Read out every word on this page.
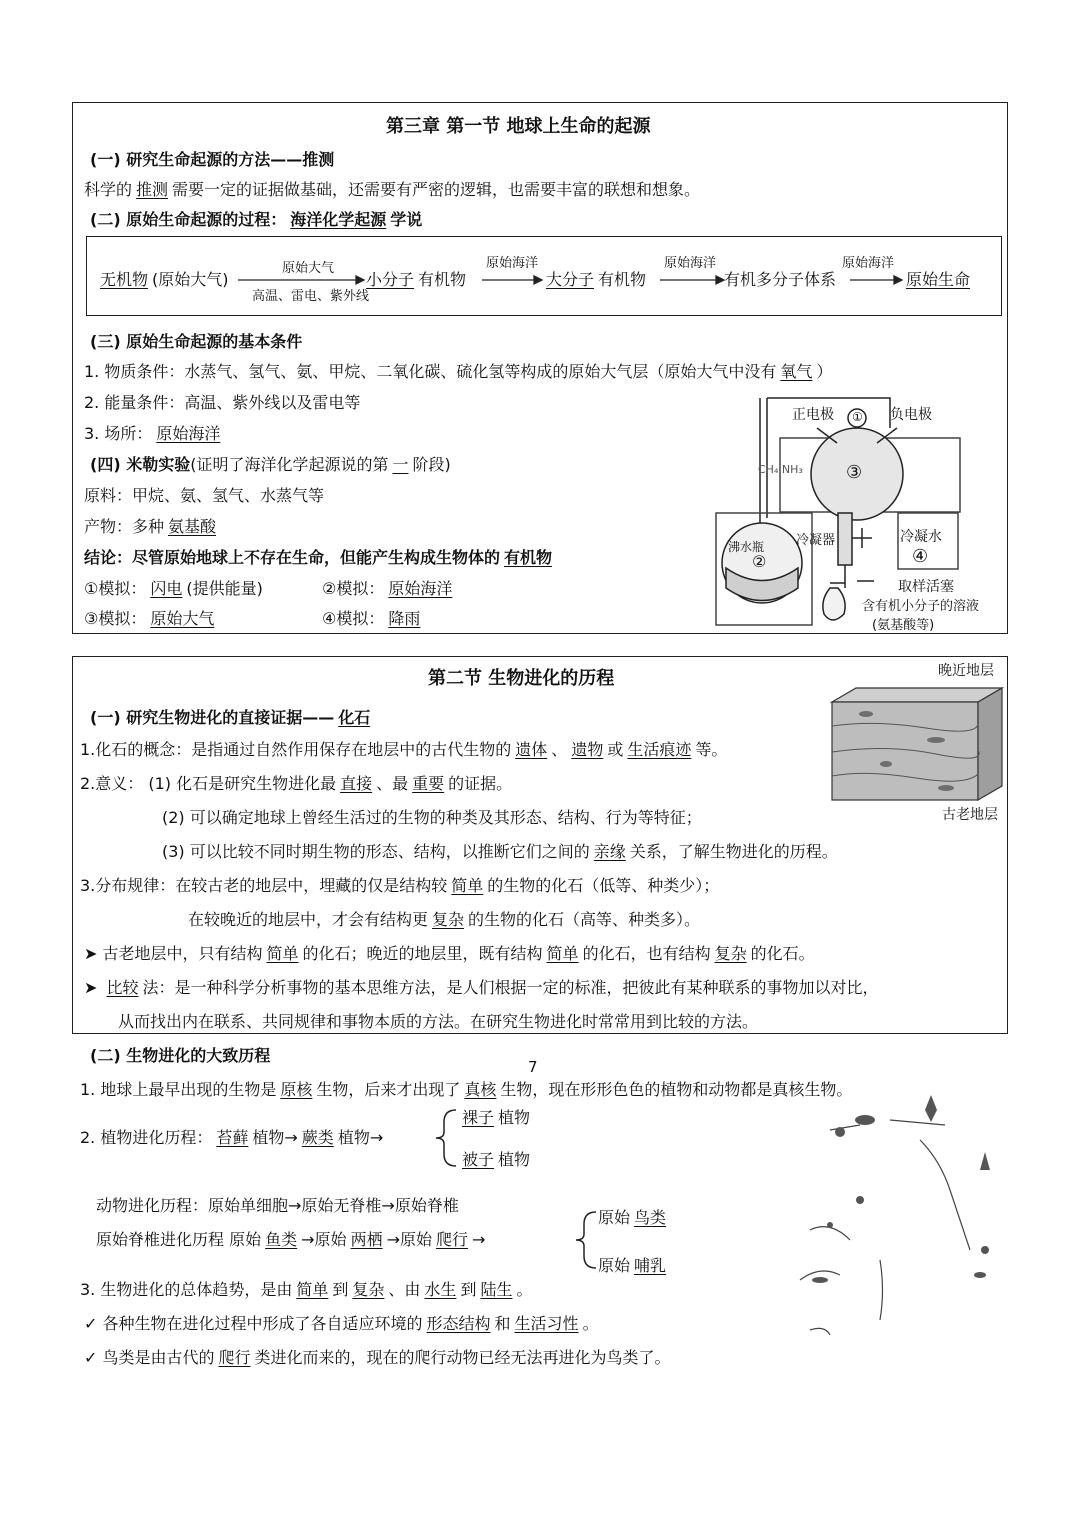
第三章 第一节 地球上生命的起源
(一) 研究生命起源的方法——推测
科学的 推测 需要一定的证据做基础，还需要有严密的逻辑，也需要丰富的联想和想象。
(二) 原始生命起源的过程： 海洋化学起源 学说
无机物 (原始大气)
原始大气
高温、雷电、紫外线
小分子 有机物
原始海洋
大分子 有机物
原始海洋
有机多分子体系
原始海洋
原始生命
(三) 原始生命起源的基本条件
1. 物质条件：水蒸气、氢气、氨、甲烷、二氧化碳、硫化氢等构成的原始大气层（原始大气中没有 氧气 ）
2. 能量条件：高温、紫外线以及雷电等
3. 场所： 原始海洋
(四) 米勒实验(证明了海洋化学起源说的第 一 阶段)
原料：甲烷、氨、氢气、水蒸气等
产物：多种 氨基酸
结论：尽管原始地球上不存在生命，但能产生构成生物体的 有机物
①模拟： 闪电 (提供能量)	②模拟： 原始海洋
③模拟： 原始大气	④模拟： 降雨
CH₄ NH₃
正电极	负电极
①
③
沸水瓶
②
冷凝器	冷凝水
④
取样活塞
含有机小分子的溶液
(氨基酸等)
第二节 生物进化的历程	晚近地层
古老地层
(一) 研究生物进化的直接证据—— 化石
1.化石的概念：是指通过自然作用保存在地层中的古代生物的 遗体 、 遗物 或 生活痕迹 等。
2.意义： (1) 化石是研究生物进化最 直接 、最 重要 的证据。
(2) 可以确定地球上曾经生活过的生物的种类及其形态、结构、行为等特征；
(3) 可以比较不同时期生物的形态、结构，以推断它们之间的 亲缘 关系，了解生物进化的历程。
3.分布规律：在较古老的地层中，埋藏的仅是结构较 简单 的生物的化石（低等、种类少）；
在较晚近的地层中，才会有结构更 复杂 的生物的化石（高等、种类多）。
➤ 古老地层中，只有结构 简单 的化石；晚近的地层里，既有结构 简单 的化石，也有结构 复杂 的化石。
➤ 比较 法：是一种科学分析事物的基本思维方法，是人们根据一定的标准，把彼此有某种联系的事物加以对比，
从而找出内在联系、共同规律和事物本质的方法。在研究生物进化时常常用到比较的方法。
(二) 生物进化的大致历程
1. 地球上最早出现的生物是 原核 生物，后来才出现了 真核 生物，现在形形色色的植物和动物都是真核生物。
2. 植物进化历程： 苔藓 植物→ 蕨类 植物→
裸子 植物
被子 植物
动物进化历程：原始单细胞→原始无脊椎→原始脊椎
原始脊椎进化历程 原始 鱼类 →原始 两栖 →原始 爬行 →
原始 鸟类
原始 哺乳
3. 生物进化的总体趋势，是由 简单 到 复杂 、由 水生 到 陆生 。
✓ 各种生物在进化过程中形成了各自适应环境的 形态结构 和 生活习性 。
✓ 鸟类是由古代的 爬行 类进化而来的，现在的爬行动物已经无法再进化为鸟类了。
7
